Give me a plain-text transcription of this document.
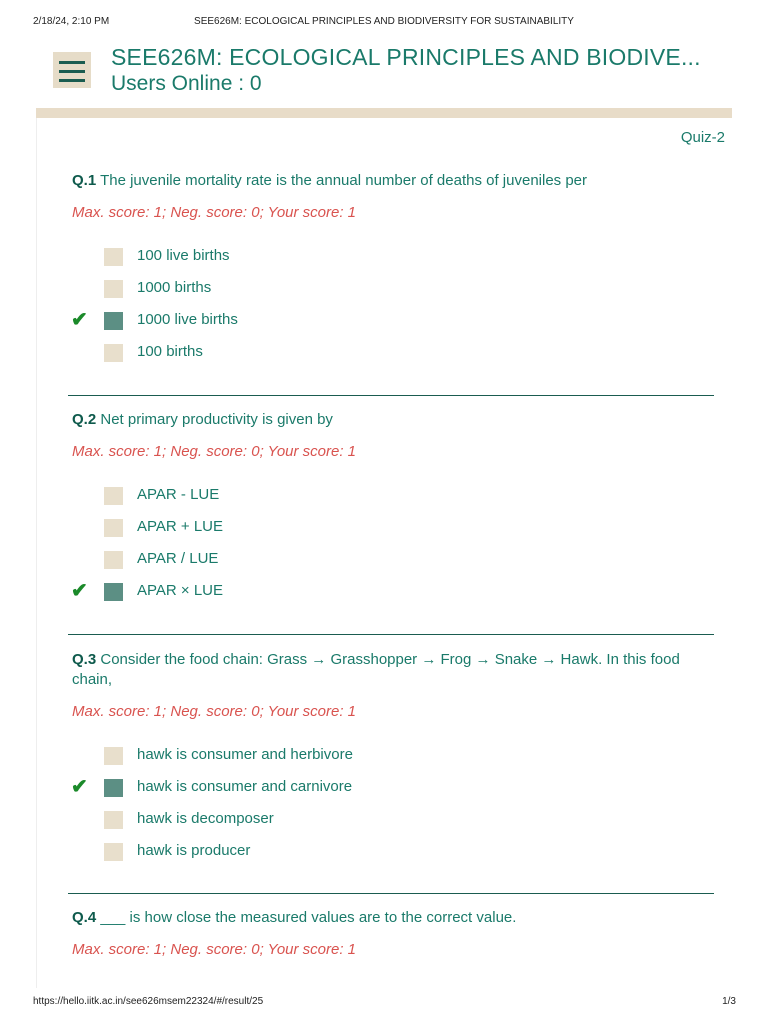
2/18/24, 2:10 PM	SEE626M: ECOLOGICAL PRINCIPLES AND BIODIVERSITY FOR SUSTAINABILITY
SEE626M: ECOLOGICAL PRINCIPLES AND BIODIVE...
Users Online : 0
Quiz-2
Q.1 The juvenile mortality rate is the annual number of deaths of juveniles per
Max. score: 1; Neg. score: 0; Your score: 1
100 live births
1000 births
✔	1000 live births
100 births
Q.2 Net primary productivity is given by
Max. score: 1; Neg. score: 0; Your score: 1
APAR - LUE
APAR + LUE
APAR / LUE
✔	APAR × LUE
Q.3 Consider the food chain: Grass → Grasshopper → Frog → Snake → Hawk. In this food chain,
Max. score: 1; Neg. score: 0; Your score: 1
hawk is consumer and herbivore
✔	hawk is consumer and carnivore
hawk is decomposer
hawk is producer
Q.4 ___ is how close the measured values are to the correct value.
Max. score: 1; Neg. score: 0; Your score: 1
https://hello.iitk.ac.in/see626msem22324/#/result/25	1/3
